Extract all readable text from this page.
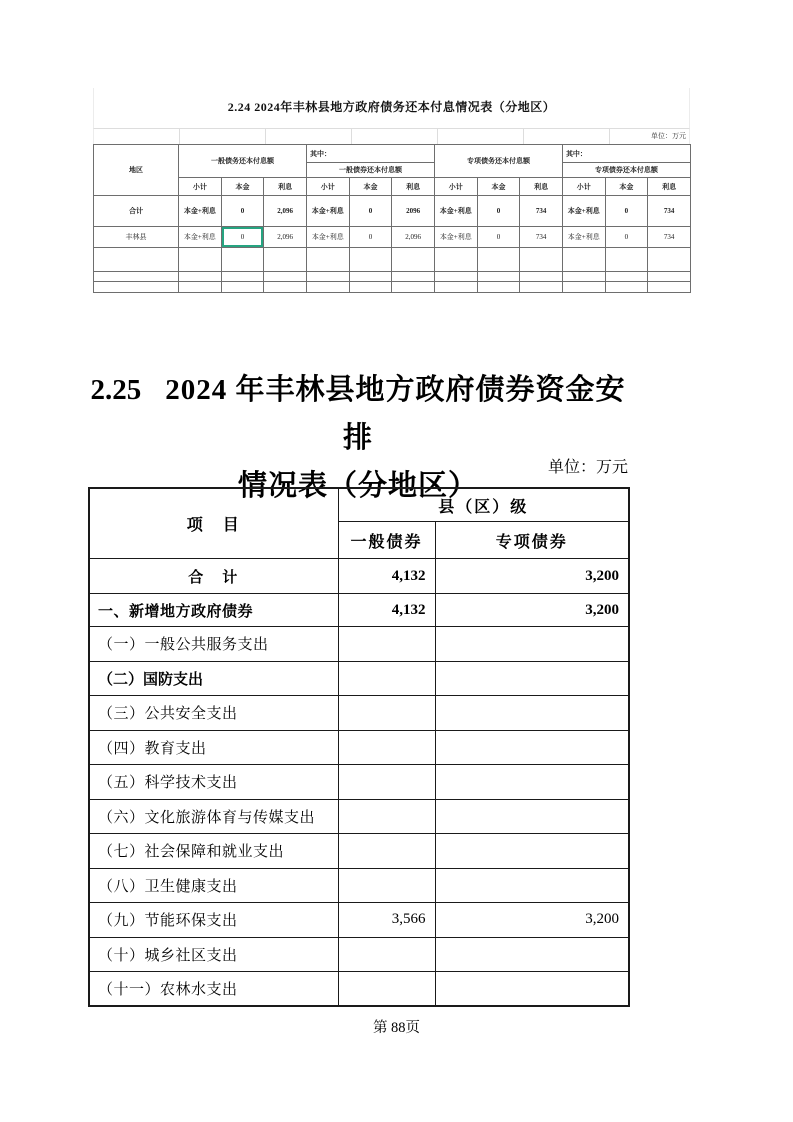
2.24 2024年丰林县地方政府债务还本付息情况表（分地区）
单位：万元
地区	一般债务还本付息额			其中：			专项债务还本付息额			其中：		
				一般债券还本付息额						专项债券还本付息额		
	小计	本金	利息	小计	本金	利息	小计	本金	利息	小计	本金	利息
合计	本金+利息	0	2,096	本金+利息	0	2096	本金+利息	0	734	本金+利息	0	734
丰林县	本金+利息	0	2,096	本金+利息	0	2,096	本金+利息	0	734	本金+利息	0	734

2.25 2024 年丰林县地方政府债券资金安排
情况表（分地区）
单位：万元
项　目	县（区）级	
	一般债券	专项债券
合　计	4,132	3,200
一、新增地方政府债券	4,132	3,200
（一）一般公共服务支出		
（二）国防支出		
（三）公共安全支出		
（四）教育支出		
（五）科学技术支出		
（六）文化旅游体育与传媒支出		
（七）社会保障和就业支出		
（八）卫生健康支出		
（九）节能环保支出	3,566	3,200
（十）城乡社区支出		
（十一）农林水支出		
第 88页
